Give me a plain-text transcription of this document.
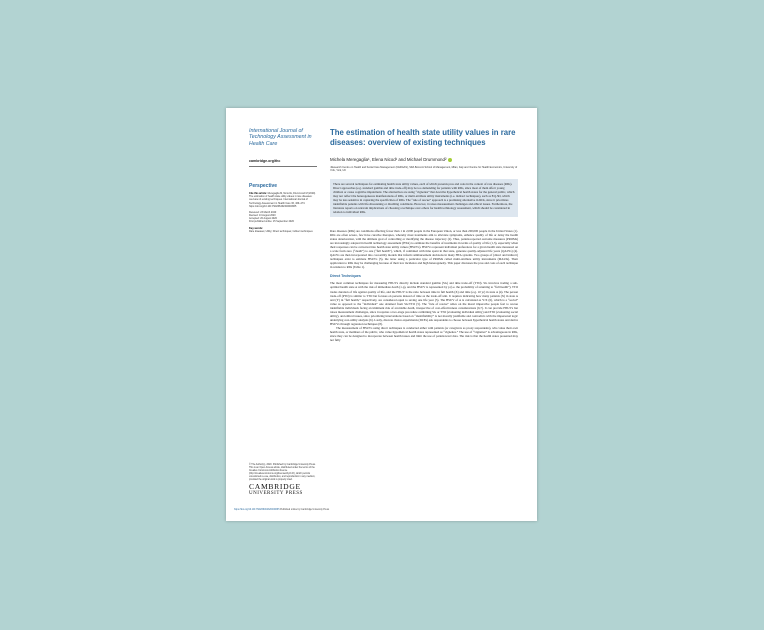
International Journal of
Technology Assessment in
Health Care
cambridge.org/thc
Perspective
Cite this article: Meregaglia M, Nicod E, Drummond M (2020). The estimation of health state utility values in rare diseases: overview of existing techniques. International Journal of Technology Assessment in Health Care 36, 469–473. https://doi.org/10.1017/S0266462320000665
Received: 23 March 2020
Revised: 13 August 2020
Accepted: 20 August 2020
First published online: 15 September 2020
Key words:
Rare diseases; Utility; Direct techniques; Indirect techniques
© The Author(s), 2020. Published by Cambridge University Press. This is an Open Access article, distributed under the terms of the Creative Commons Attribution licence (http://creativecommons.org/licenses/by/4.0/), which permits unrestricted re-use, distribution, and reproduction in any medium, provided the original work is properly cited.
CAMBRIDGE
UNIVERSITY PRESS
The estimation of health state utility values in rare diseases: overview of existing techniques
Michela Meregaglia¹, Elena Nicod¹ and Michael Drummond²
¹Research Centre on Health and Social Care Management (CERGAS), SDA Bocconi School of Management, Milan, Italy and ²Centre for Health Economics, University of York, York, UK
There are several techniques for estimating health state utility values, each of which presents pros and cons in the context of rare diseases (RDs). Direct approaches (e.g. standard gamble and time trade-off) may be too demanding for patients with RDs, since most of them affect young children or cause cognitive impairment. The alternatives are using “vignettes” that describe hypothetical health states for the general public, which may not reflect the heterogeneous manifestations of RDs, or multi-attribute utility instruments (i.e. indirect techniques), such as EQ-5D, which may be less sensitive in capturing the specificities of RDs. The “rule of rescue” approach is a promising alternative in RDs, since it prioritizes identifiable patients with life-threatening or disabling conditions. However, it raises measurement challenges and ethical issues. Furthermore, the literature reports on relevant implications of choosing a technique over others for health technology assessment, which should be considered in relation to individual RDs.
Rare diseases (RDs) are conditions affecting fewer than 1 in 2,000 people in the European Union, or less than 200,000 people in the United States (1). RDs are often severe, few have curative therapies, whereby most treatments aim to alleviate symptoms, enhance quality of life or delay the health status deterioration, with the ultimate goal of controlling or modifying the disease trajectory (2). Thus, patient-reported outcome measures (PROMs) are increasingly adopted in health technology assessment (HTA) to estimate the benefits of treatments in terms of quality of life (1,3), especially when their responses can be converted into health state utility values (HSUVs). HSUVs represent individual preferences for a given health state measured on a scale from zero (“death”) to one (“full health”), which, if combined with time spent in that state, generate quality-adjusted life years (QALYs) (4). QALYs are then incorporated into cost-utility models that inform reimbursement decisions in many HTA systems. Two groups of (direct and indirect) techniques exist to estimate HSUVs (5), the latter using a particular type of PROMs called multi-attribute utility instruments (MAUIs). Their application to RDs may be challenging because of their low incidence and high heterogeneity. This paper discusses the pros and cons of each technique in relation to RDs (Table 1).
Direct Techniques
The most common techniques for measuring HSUVs directly include standard gamble (SG) and time trade-off (TTO). SG involves trading a sub-optimal health state A with the risk of immediate death (1-p), and the HSUV is represented by p (i.e. the probability of returning to “full health”). TTO trades duration of life against quality of life, and the HSUV is the ratio between time in full health (X) and time (e.g. 10 yr) in state A (4). The person trade-off (PTO) is similar to TTO but focuses on persons instead of time as the trade-off unit. It requires indicating how many patients (X) in state A and (Y) in “full health,” respectively, are considered equal to saving one life year (5). The HSUV of A is calculated as Y/X (6), which is a “social” value as opposed to the “individual” one obtained from SG/TTO (5). The “rule of rescue” relies on the moral imperative people feel to rescue identifiable individuals facing an imminent risk of avoidable death, irrespective of cost-effectiveness considerations (6,7). It can provide HSUVs but raises measurement challenges, since it requires a two-stage procedure combining SG or TTO (evaluating individual utility) and PTO (evaluating social utility), and ethical issues, since prioritizing interventions based on “identifiability” is not morally justifiable and contradicts with the impersonal logic underlying cost-utility analysis (6). Lastly, discrete choice experiments (DCEs) ask respondents to choose between hypothetical health states and derive HSUVs through regression techniques (8).
The measurement of HSUVs using direct techniques is conducted either with patients (or caregivers as proxy respondents), who value their own health state, or members of the public, who value hypothetical health states represented as “vignettes.” The use of “vignettes” is advantageous in RDs, since they can be designed to incorporate between health issues and limit the use of patient-level data. The risk is that the health states presented may not fully
https://doi.org/10.1017/S0266462320000665 Published online by Cambridge University Press
